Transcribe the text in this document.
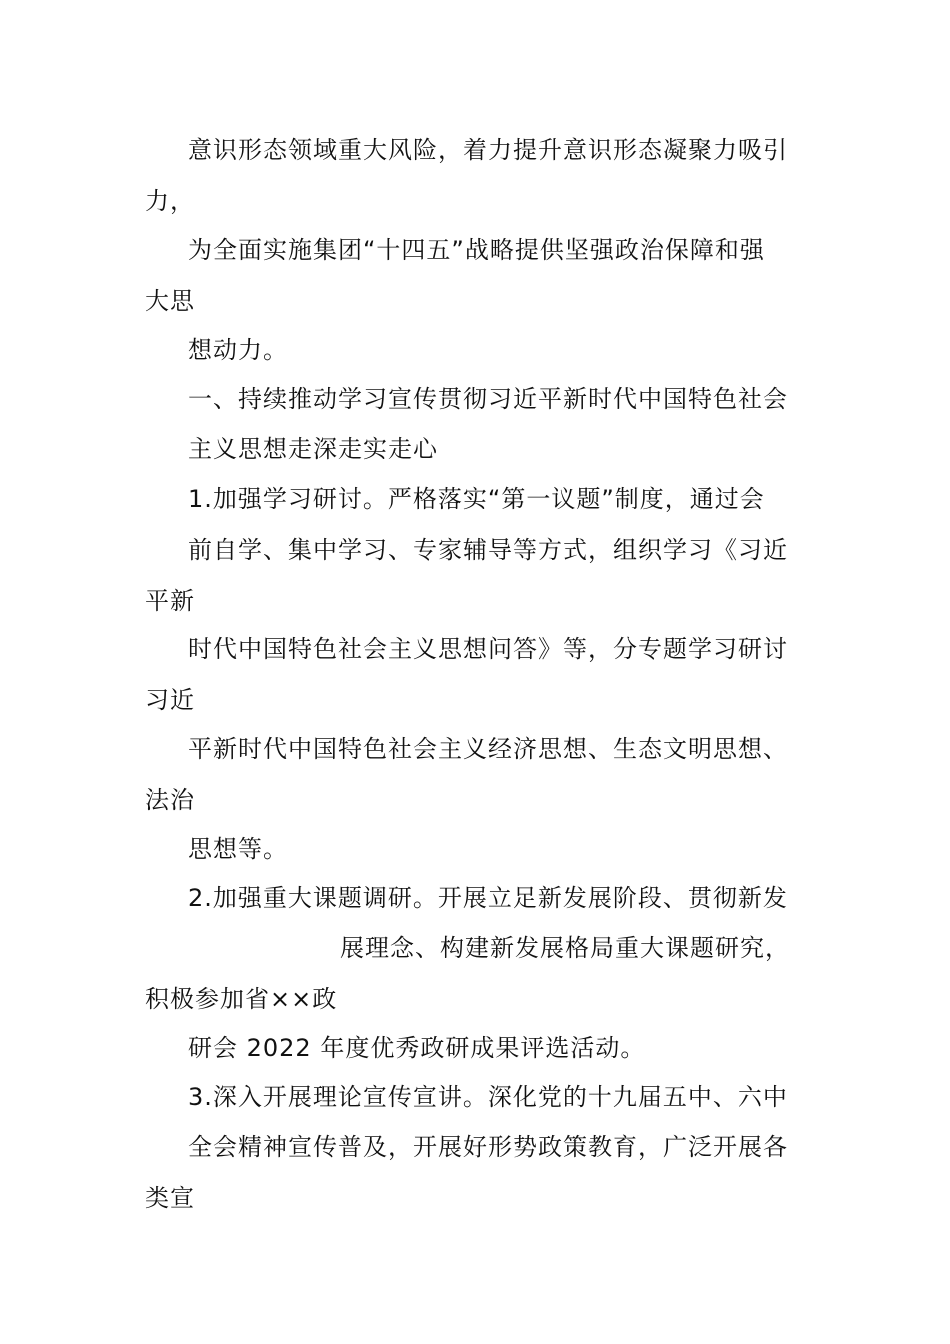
意识形态领域重大风险，着力提升意识形态凝聚力吸引
力，
为全面实施集团“十四五”战略提供坚强政治保障和强
大思
想动力。
一、持续推动学习宣传贯彻习近平新时代中国特色社会
主义思想走深走实走心
1.加强学习研讨。严格落实“第一议题”制度，通过会
前自学、集中学习、专家辅导等方式，组织学习《习近
平新
时代中国特色社会主义思想问答》等，分专题学习研讨
习近
平新时代中国特色社会主义经济思想、生态文明思想、
法治
思想等。
2.加强重大课题调研。开展立足新发展阶段、贯彻新发
展理念、构建新发展格局重大课题研究，
积极参加省××政
研会 2022 年度优秀政研成果评选活动。
3.深入开展理论宣传宣讲。深化党的十九届五中、六中
全会精神宣传普及，开展好形势政策教育，广泛开展各
类宣
